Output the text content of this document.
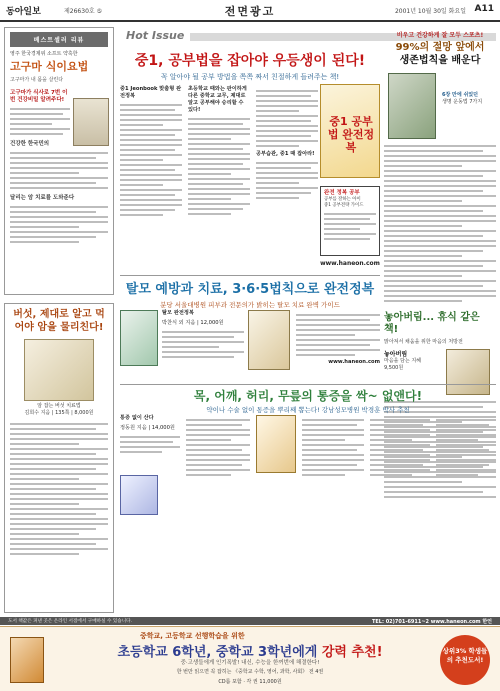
동아일보	제26630호 ⑤	전면광고	2001년 10월 30일 화요일 A11
Hot Issue
베스트셀러 리뷰
영주 한국경제위 소프트 약혹한
고구마 식이요법
고구마가 내 몸을 살린다
고구마가 식사로 7번 이번 건강비밀 알려주다!
건강한 한국민의
달리는 암 치료를 도와준다
버섯, 제대로 알고 먹어야 암을 물리친다!
암 잡는 버섯 치료법
김희수 지음 | 135쪽 | 8,000원
중1, 공부법을 잡아야 우등생이 된다!
꼭 알아야 될 공부 방법을 쪽쪽 짜서 친절하게 들려주는 책!
중1 Jeonbook 맞춤형 완전정복
초등학교 때와는 판이하게 다른 중학교 교무, 제대로 알고 공부해야 승리할 수 있다!
공부습관, 중1 때 잡아라!
중1 공부법 완전정복
완전 정복 공부
공부를 잘하는 아이
중1 공부전략 가이드
www.haneon.com
비우고 건강하게 잘 모두 스포츠!
99%의 절망 앞에서
생존법칙을 배운다
6장 만에 쉬었던
생명 운동법 7가지
놓아버림... 휴식 같은 책!
맑아져서 채움을 위한 마음의 처방전
놓아버림
마음을 담는 지혜
9,500원
탈모 예방과 치료, 3·6·5법칙으로 완전정복
분당 서울대병원 피부과 전문의가 밝히는 탈모 치료 완벽 가이드
탈모 완전정복
박찬식 외 지음 | 12,000원
www.haneon.com
목, 어깨, 허리, 무릎의 통증을 싹~ 없앤다!
약이나 수술 없이 통증을 뿌리째 뽑는다! 강남성모병원 박경훈 박사 추천
통증 없이 산다
정동원 지음 | 14,000원
도서 책값은 펴낸 곳은 온라인 서점에서 구매하실 수 있습니다.	TEL: 02)701-6911~2 www.haneon.com 한언
중학교, 고등학교 선행학습을 위한
초등학교 6학년, 중학교 3학년에게 강력 추천!
중·고생들에게 인기폭발! 내신, 수능을 한꺼번에 해결한다!
한 번만 읽으면 꼭 잡히는 《중학교 수학, 영어, 과학, 사회》 전 4권
CD롬 포함 · 각 권 11,000원
상위3% 학생들의 추천도서!
